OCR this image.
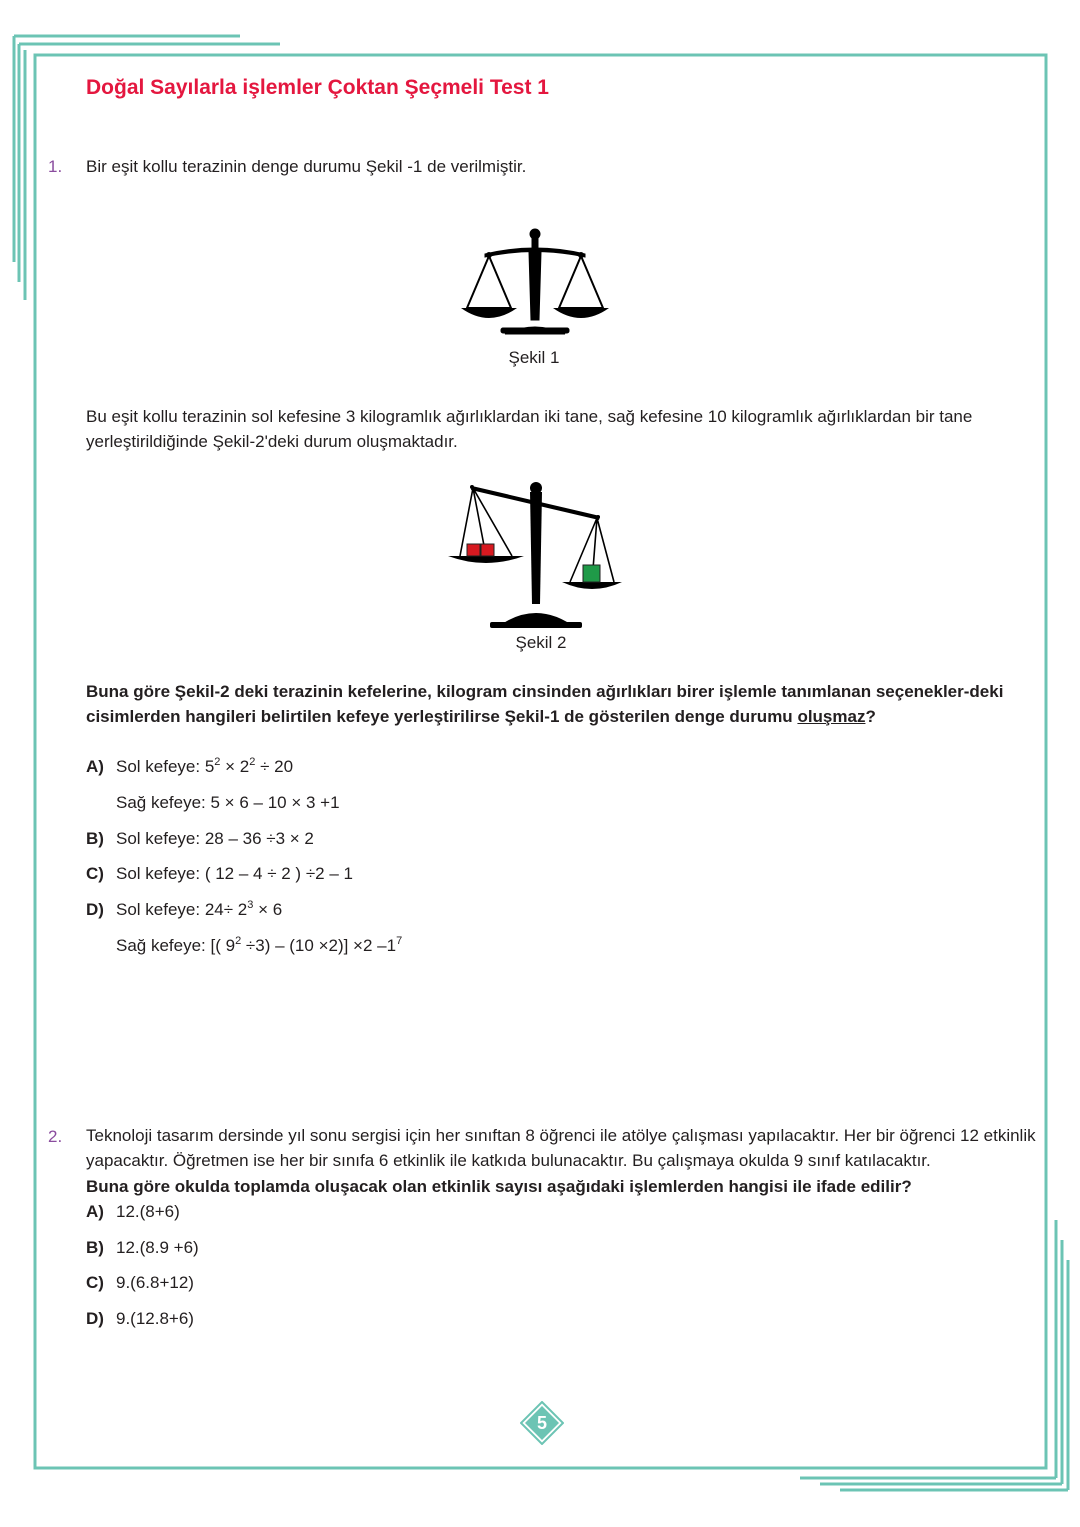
Doğal Sayılarla işlemler Çoktan Şeçmeli Test 1
1. Bir eşit kollu terazinin denge durumu Şekil -1 de verilmiştir.

Şekil 1

Bu eşit kollu terazinin sol kefesine 3 kilogramlık ağırlıklardan iki tane, sağ kefesine 10 kilogramlık ağırlıklardan bir tane yerleştirildiğinde Şekil-2'deki durum oluşmaktadır.

Şekil 2

Buna göre Şekil-2 deki terazinin kefelerine, kilogram cinsinden ağırlıkları birer işlemle tanımlanan seçenekler-deki cisimlerden hangileri belirtilen kefeye yerleştirilirse Şekil-1 de gösterilen denge durumu oluşmaz?

A) Sol kefeye: $5^2 \times 2^2 \div 20$
Sağ kefeye: 5 × 6 – 10 × 3 +1
B) Sol kefeye: 28 – 36 ÷3 × 2
C) Sol kefeye: ( 12 – 4 ÷ 2 ) ÷2 – 1
D) Sol kefeye: $24\div 2^3 \times 6$
Sağ kefeye: [( $9^2 \div 3) - (10 \times 2)] \times 2$ $-1^7$
2. Teknoloji tasarım dersinde yıl sonu sergisi için her sınıftan 8 öğrenci ile atölye çalışması yapılacaktır. Her bir öğrenci 12 etkinlik yapacaktır. Öğretmen ise her bir sınıfa 6 etkinlik ile katkıda bulunacaktır. Bu çalışmaya okulda 9 sınıf katılacaktır.

Buna göre okulda toplamda oluşacak olan etkinlik sayısı aşağıdaki işlemlerden hangisi ile ifade edilir?

A) 12.(8+6)
B) 12.(8.9 +6)
C) 9.(6.8+12)
D) 9.(12.8+6)
5
